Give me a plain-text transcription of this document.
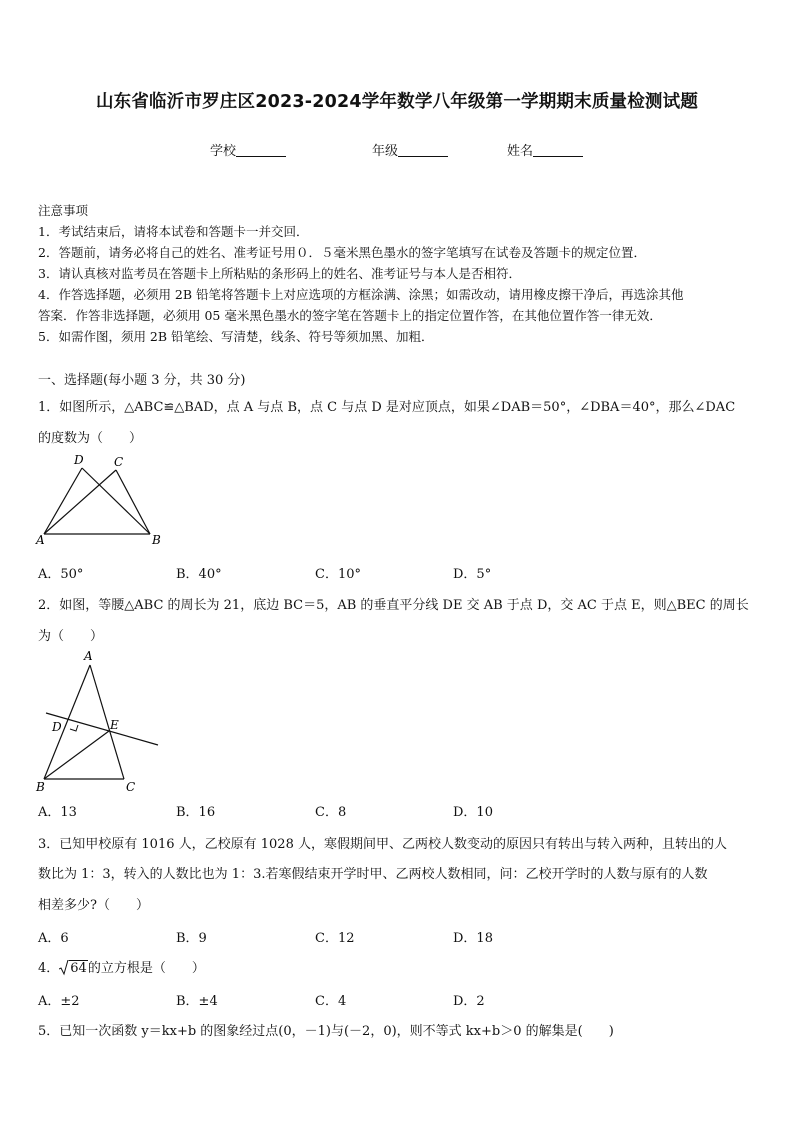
山东省临沂市罗庄区2023-2024学年数学八年级第一学期期末质量检测试题
学校	年级	姓名
注意事项
1．考试结束后，请将本试卷和答题卡一并交回．
2．答题前，请务必将自己的姓名、准考证号用０．５毫米黑色墨水的签字笔填写在试卷及答题卡的规定位置．
3．请认真核对监考员在答题卡上所粘贴的条形码上的姓名、准考证号与本人是否相符．
4．作答选择题，必须用 2B 铅笔将答题卡上对应选项的方框涂满、涂黑；如需改动，请用橡皮擦干净后，再选涂其他
答案．作答非选择题，必须用 05 毫米黑色墨水的签字笔在答题卡上的指定位置作答，在其他位置作答一律无效．
5．如需作图，须用 2B 铅笔绘、写清楚，线条、符号等须加黑、加粗．
一、选择题(每小题 3 分，共 30 分)
1．如图所示，△ABC≌△BAD，点 A 与点 B，点 C 与点 D 是对应顶点，如果∠DAB＝50°，∠DBA＝40°，那么∠DAC
的度数为（　　）
A	B
C
D
A．50°	B．40°	C．10°	D．5°
2．如图，等腰△ABC 的周长为 21，底边 BC＝5，AB 的垂直平分线 DE 交 AB 于点 D，交 AC 于点 E，则△BEC 的周长
为（　　）
A
B	C
D	E
A．13	B．16	C．8	D．10
3．已知甲校原有 1016 人，乙校原有 1028 人，寒假期间甲、乙两校人数变动的原因只有转出与转入两种，且转出的人
数比为 1：3，转入的人数比也为 1：3.若寒假结束开学时甲、乙两校人数相同，问：乙校开学时的人数与原有的人数
相差多少?（　　）
A．6	B．9	C．12	D．18
4． 64的立方根是（　　）
A．±2	B．±4	C．4	D．2
5．已知一次函数 y＝kx+b 的图象经过点(0，－1)与(－2，0)，则不等式 kx+b＞0 的解集是(　　)
